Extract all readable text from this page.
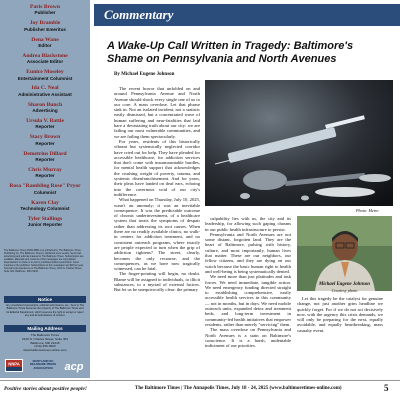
Paris Brown
Publisher
Joy Bramble
Publisher Emeritus
Dena Wane
Editor
Andrea Blackstone
Associate Editor
Eunice Moseley
Entertainment Columnist
Ida C. Neal
Administrative Assistant
Sharon Bunch
Advertising
Ursula V. Battle
Reporter
Stacy Brown
Reporter
Demetrius Dillard
Reporter
Chris Murray
Reporter
Rosa "Rambling Rose" Pryor
Columnist
Karen Clay
Technology Columnist
Tyler Stallings
Junior Reporter
The Baltimore Times (ISSN 8886-x) is published by The Baltimore Times Publishing Co. The Baltimore Times is published once weekly. Send mail advertising and editorial material to The Baltimore Times. Subscriptions are available. Materials and contents of this newspaper are copyrighted. Reproduction in whole or in part is prohibited without permission. Send inquiries to the publisher. Subscriptions to this newspaper are $48 per year. Send all correspondence to The Baltimore Times, 2210 N. Charles Street, Suite 301, Baltimore, MD 21218.
Notice
Any unsolicited manuscripts, editorial submissions, etc., Sent to The Baltimore Times becomes the property of The Baltimore Times and its Editorial Department, which reserves the right to accept or reject any and all submissions of content.
Mailing Address
The Baltimore Times
2210 N. Charles Street, Suite 301
Baltimore, MD 21218
(410) 366-3900
www.baltimoretimes-online.com
NNPA
MARYLAND DC DELAWARE PRESS ASSOCIATION	acp
Commentary
A Wake-Up Call Written in Tragedy: Baltimore's Shame on Pennsylvania and North Avenues
By Michael Eugene Johnson
Photo: Metro

The recent horror that unfolded on and around Pennsylvania Avenue and North Avenue should shock every single one of us to our core. A mass overdose. Let that phrase sink in. Not an isolated incident, not a statistic easily dismissed, but a concentrated wave of human suffering and near-fatalities that laid bare a devastating truth about our city: we are failing our most vulnerable communities, and we are failing them spectacularly.

For years, residents of this historically vibrant but systemically neglected corridor have cried out for help. They have pleaded for accessible healthcare, for addiction services that don't come with insurmountable hurdles, for mental health support that acknowledges the crushing weight of poverty, trauma, and systemic disenfranchisement. And for years, their pleas have landed on deaf ears, echoing into the cavernous void of our city's indifference.

What happened on Thursday, July 10, 2025, wasn't an anomaly; it was an inevitable consequence. It was the predictable outcome of chronic underinvestment, of a healthcare system that treats the symptoms of despair rather than addressing its root causes. When there are no readily available clinics, no walk-in centers for addiction treatment, and no consistent outreach programs, where exactly are people expected to turn when the grip of addiction tightens? The street, clearly, becomes the only recourse, and the consequences, as we have now tragically witnessed, can be fatal.

The finger-pointing will begin, no doubt. Blame will be assigned to individuals, to illicit substances, to a myriad of external factors. But let us be unequivocally clear: the primary

culpability lies with us, the city and its leadership, for allowing such gaping chasms in our public health infrastructure to persist.

Pennsylvania and North Avenues are not some distant, forgotten land. They are the heart of Baltimore, pulsing with history, culture, and most importantly, human lives that matter. These are our neighbors, our fellow citizens, and they are dying on our watch because the basic human right to health and well-being is being systematically denied.

We need more than just platitudes and task forces. We need immediate, tangible action. We need emergency funding directed straight to establishing comprehensive, easily accessible health services in this community — not in months, but in days. We need mobile outreach units, expanded detox and treatment beds, and long-term investment in community-led health initiatives that empower residents, rather than merely "servicing" them.

The mass overdose on Pennsylvania and North Avenues is a stain on Baltimore's conscience. It is a harsh, undeniable indictment of our priorities.

Michael Eugene Johnson
Courtesy photo

Let this tragedy be the catalyst for genuine change, not just another grim headline we quickly forget. For if we do not act decisively now, with the urgency this crisis demands, we will only be preparing for the next, equally avoidable, and equally heartbreaking, mass casualty event.

Positive stories about positive people!	The Baltimore Times | The Annapolis Times, July 18 - 24, 2025 (www.baltimoretimes-online.com)	5
